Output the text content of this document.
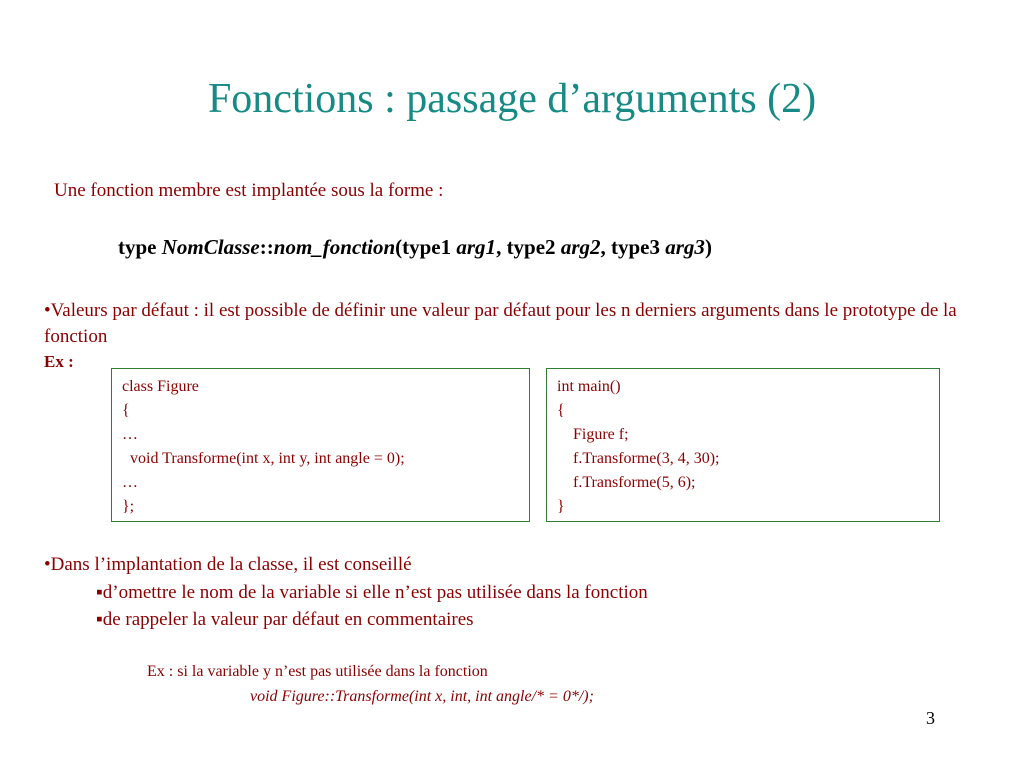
Fonctions : passage d’arguments (2)
Une fonction membre est implantée sous la forme :
type NomClasse::nom_fonction(type1 arg1, type2 arg2, type3 arg3)
•Valeurs par défaut : il est possible de définir une valeur par défaut pour les n derniers arguments dans le prototype de la fonction
Ex :
class Figure
{
…
void Transforme(int x, int y, int angle = 0);
…
};
int main()
{
Figure f;
f.Transforme(3, 4, 30);
f.Transforme(5, 6);
}
•Dans l’implantation de la classe, il est conseillé
▪d’omettre le nom de la variable si elle n’est pas utilisée dans la fonction
▪de rappeler la valeur par défaut en commentaires
Ex : si la variable y n’est pas utilisée dans la fonction
void Figure::Transforme(int x, int, int angle/* = 0*/);
3
